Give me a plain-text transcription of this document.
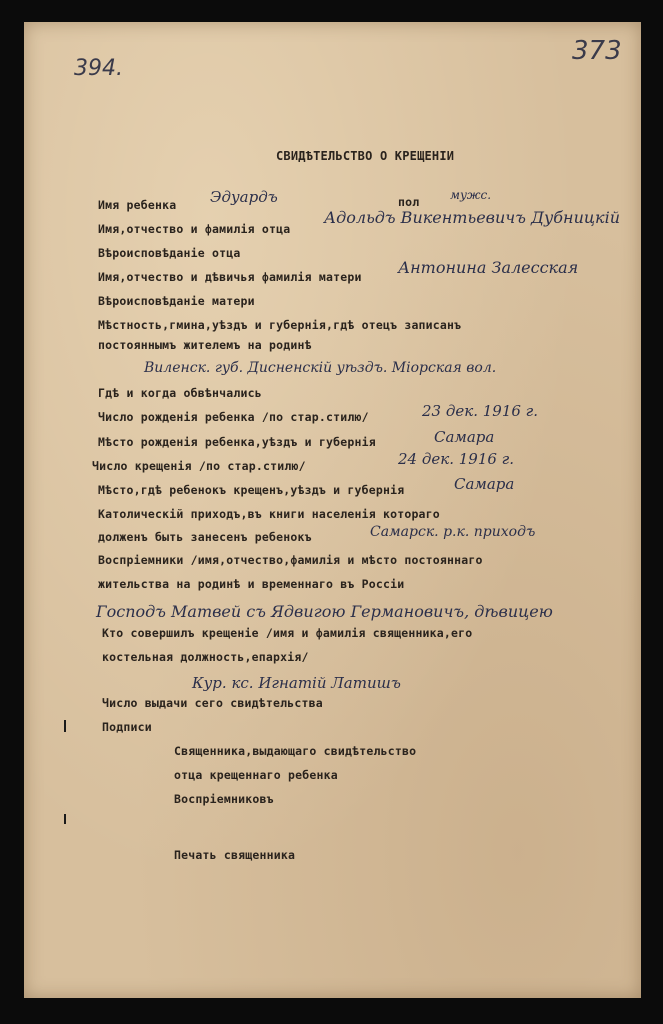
394.
373
СВИДѢТЕЛЬСТВО О КРЕЩЕНІИ
Имя ребенка	пол
Имя,отчество и фамилія отца
Вѣроисповѣданіе отца
Имя,отчество и дѣвичья фамилія матери
Вѣроисповѣданіе матери
Мѣстность,гмина,уѣздъ и губернія,гдѣ отецъ записанъ
постояннымъ жителемъ на родинѣ
Гдѣ и когда обвѣнчались
Число рожденія ребенка /по стар.стилю/
Мѣсто рожденія ребенка,уѣздъ и губернія
Число крещенія /по стар.стилю/
Мѣсто,гдѣ ребенокъ крещенъ,уѣздъ и губернія
Католическій приходъ,въ книги населенія котораго
долженъ быть занесенъ ребенокъ
Воспріемники /имя,отчество,фамилія и мѣсто постояннаго
жительства на родинѣ и временнаго въ Россіи
Кто совершилъ крещеніе /имя и фамилія священника,его
костельная должность,епархія/
Число выдачи сего свидѣтельства
Подписи
Священника,выдающаго свидѣтельство
отца крещеннаго ребенка
Воспріемниковъ
Печать священника
Эдуардъ	мужс.
Адольдъ Викентьевичъ Дубницкій
Антонина Залесская
Виленск. губ. Дисненскій уѣздъ. Міорская вол.
23 дек. 1916 г.
Самара
24 дек. 1916 г.
Самара
Самарск. р.к. приходъ
Господъ Матвей съ Ядвигою Германовичъ, дѣвицею
Кур. кс. Игнатій Латишъ
